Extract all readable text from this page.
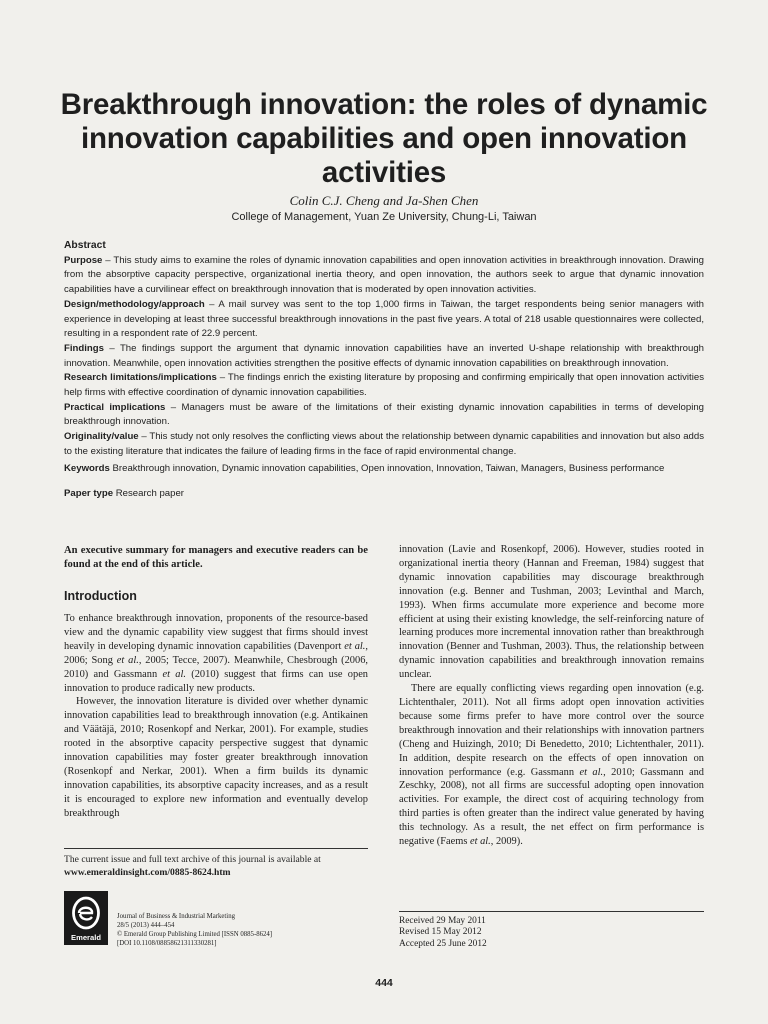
Breakthrough innovation: the roles of dynamic innovation capabilities and open innovation activities
Colin C.J. Cheng and Ja-Shen Chen
College of Management, Yuan Ze University, Chung-Li, Taiwan
Abstract

Purpose – This study aims to examine the roles of dynamic innovation capabilities and open innovation activities in breakthrough innovation. Drawing from the absorptive capacity perspective, organizational inertia theory, and open innovation, the authors seek to argue that dynamic innovation capabilities have a curvilinear effect on breakthrough innovation that is moderated by open innovation activities.

Design/methodology/approach – A mail survey was sent to the top 1,000 firms in Taiwan, the target respondents being senior managers with experience in developing at least three successful breakthrough innovations in the past five years. A total of 218 usable questionnaires were collected, resulting in a respondent rate of 22.9 percent.

Findings – The findings support the argument that dynamic innovation capabilities have an inverted U-shape relationship with breakthrough innovation. Meanwhile, open innovation activities strengthen the positive effects of dynamic innovation capabilities on breakthrough innovation.

Research limitations/implications – The findings enrich the existing literature by proposing and confirming empirically that open innovation activities help firms with effective coordination of dynamic innovation capabilities.

Practical implications – Managers must be aware of the limitations of their existing dynamic innovation capabilities in terms of developing breakthrough innovation.

Originality/value – This study not only resolves the conflicting views about the relationship between dynamic capabilities and innovation but also adds to the existing literature that indicates the failure of leading firms in the face of rapid environmental change.

Keywords Breakthrough innovation, Dynamic innovation capabilities, Open innovation, Innovation, Taiwan, Managers, Business performance
Paper type Research paper
An executive summary for managers and executive readers can be found at the end of this article.
Introduction

To enhance breakthrough innovation, proponents of the resource-based view and the dynamic capability view suggest that firms should invest heavily in developing dynamic innovation capabilities (Davenport et al., 2006; Song et al., 2005; Tecce, 2007). Meanwhile, Chesbrough (2006, 2010) and Gassmann et al. (2010) suggest that firms can use open innovation to produce radically new products.

However, the innovation literature is divided over whether dynamic innovation capabilities lead to breakthrough innovation (e.g. Antikainen and Väätäjä, 2010; Rosenkopf and Nerkar, 2001). For example, studies rooted in the absorptive capacity perspective suggest that dynamic innovation capabilities may foster greater breakthrough innovation (Rosenkopf and Nerkar, 2001). When a firm builds its dynamic innovation capabilities, its absorptive capacity increases, and as a result it is encouraged to explore new information and eventually develop breakthrough

The current issue and full text archive of this journal is available at
www.emeraldinsight.com/0885-8624.htm
Emerald
Journal of Business & Industrial Marketing
28/5 (2013) 444–454
© Emerald Group Publishing Limited [ISSN 0885-8624]
[DOI 10.1108/08858621311330281]

innovation (Lavie and Rosenkopf, 2006). However, studies rooted in organizational inertia theory (Hannan and Freeman, 1984) suggest that dynamic innovation capabilities may discourage breakthrough innovation (e.g. Benner and Tushman, 2003; Levinthal and March, 1993). When firms accumulate more experience and become more efficient at using their existing knowledge, the self-reinforcing nature of learning produces more incremental innovation rather than breakthrough innovation (Benner and Tushman, 2003). Thus, the relationship between dynamic innovation capabilities and breakthrough innovation remains unclear.

There are equally conflicting views regarding open innovation (e.g. Lichtenthaler, 2011). Not all firms adopt open innovation activities because some firms prefer to have more control over the source breakthrough innovation and their relationships with innovation partners (Cheng and Huizingh, 2010; Di Benedetto, 2010; Lichtenthaler, 2011). In addition, despite research on the effects of open innovation on innovation performance (e.g. Gassmann et al., 2010; Gassmann and Zeschky, 2008), not all firms are successful adopting open innovation activities. For example, the direct cost of acquiring technology from third parties is often greater than the indirect value generated by having this technology. As a result, the net effect on firm performance is negative (Faems et al., 2009).

Received 29 May 2011
Revised 15 May 2012
Accepted 25 June 2012
444
